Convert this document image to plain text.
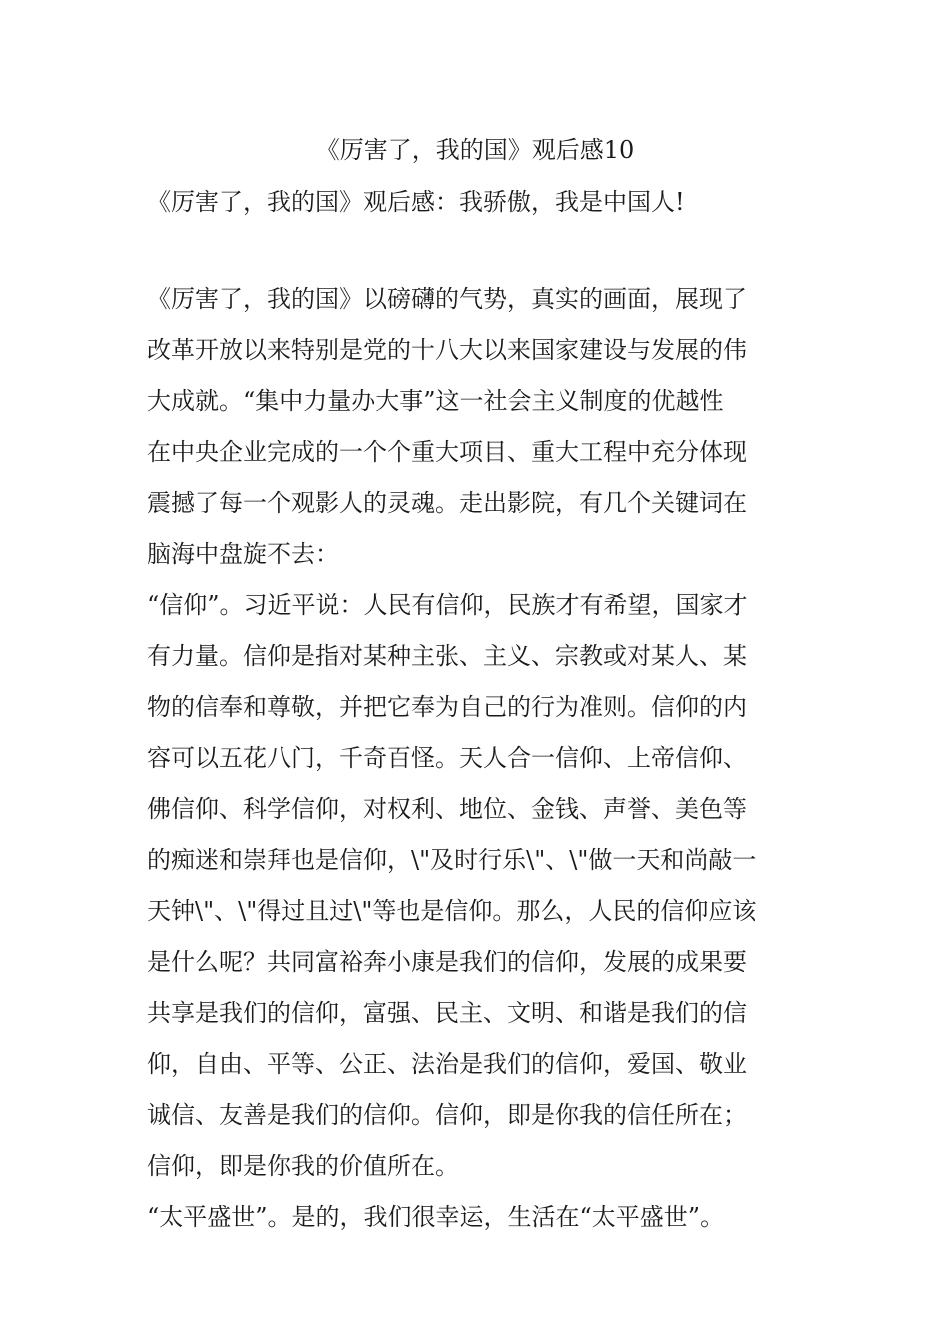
《厉害了，我的国》观后感10
《厉害了，我的国》观后感：我骄傲，我是中国人!
《厉害了，我的国》以磅礴的气势，真实的画面，展现了
改革开放以来特别是党的十八大以来国家建设与发展的伟
大成就。“集中力量办大事”这一社会主义制度的优越性
在中央企业完成的一个个重大项目、重大工程中充分体现
震撼了每一个观影人的灵魂。走出影院，有几个关键词在
脑海中盘旋不去：
“信仰”。习近平说：人民有信仰，民族才有希望，国家才
有力量。信仰是指对某种主张、主义、宗教或对某人、某
物的信奉和尊敬，并把它奉为自己的行为准则。信仰的内
容可以五花八门，千奇百怪。天人合一信仰、上帝信仰、
佛信仰、科学信仰，对权利、地位、金钱、声誉、美色等
的痴迷和崇拜也是信仰，\"及时行乐\"、\"做一天和尚敲一
天钟\"、\"得过且过\"等也是信仰。那么，人民的信仰应该
是什么呢？共同富裕奔小康是我们的信仰，发展的成果要
共享是我们的信仰，富强、民主、文明、和谐是我们的信
仰，自由、平等、公正、法治是我们的信仰，爱国、敬业
诚信、友善是我们的信仰。信仰，即是你我的信任所在；
信仰，即是你我的价值所在。
“太平盛世”。是的，我们很幸运，生活在“太平盛世”。
